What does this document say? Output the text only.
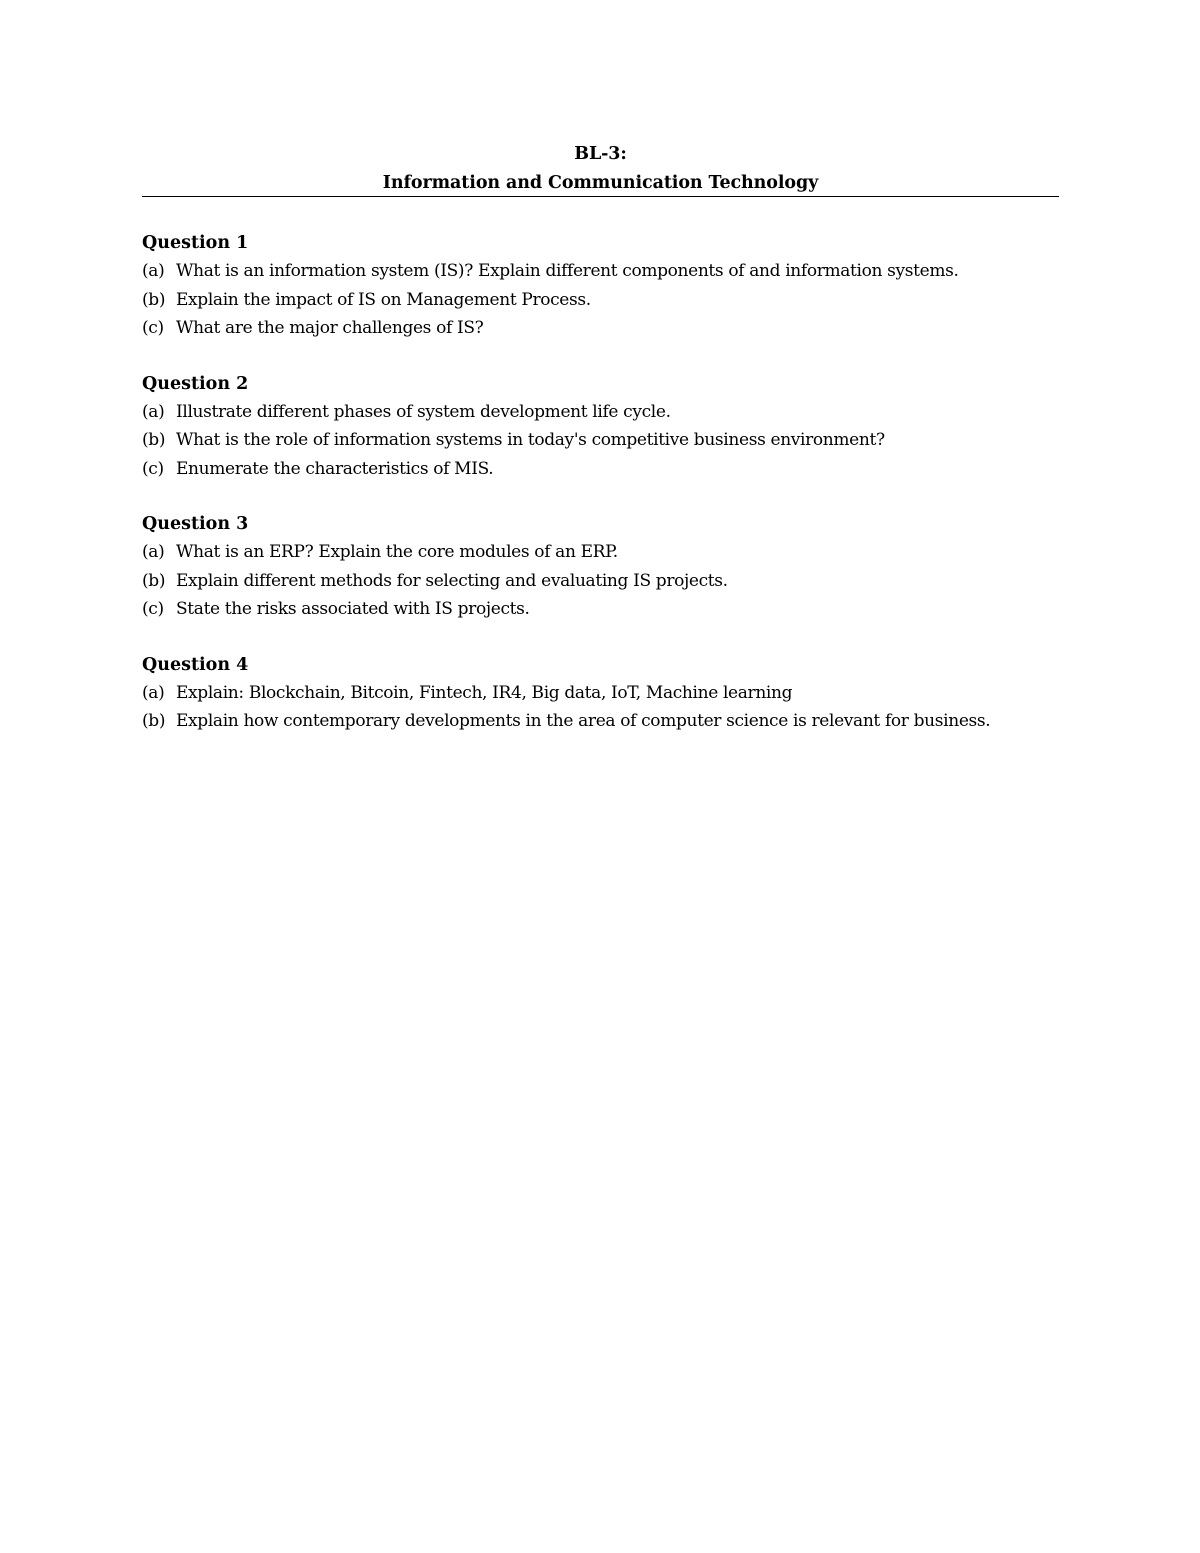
BL-3:
Information and Communication Technology
Question 1
(a) What is an information system (IS)? Explain different components of and information systems.
(b) Explain the impact of IS on Management Process.
(c) What are the major challenges of IS?
Question 2
(a) Illustrate different phases of system development life cycle.
(b) What is the role of information systems in today's competitive business environment?
(c) Enumerate the characteristics of MIS.
Question 3
(a) What is an ERP? Explain the core modules of an ERP.
(b) Explain different methods for selecting and evaluating IS projects.
(c) State the risks associated with IS projects.
Question 4
(a) Explain: Blockchain, Bitcoin, Fintech, IR4, Big data, IoT, Machine learning
(b) Explain how contemporary developments in the area of computer science is relevant for business.
